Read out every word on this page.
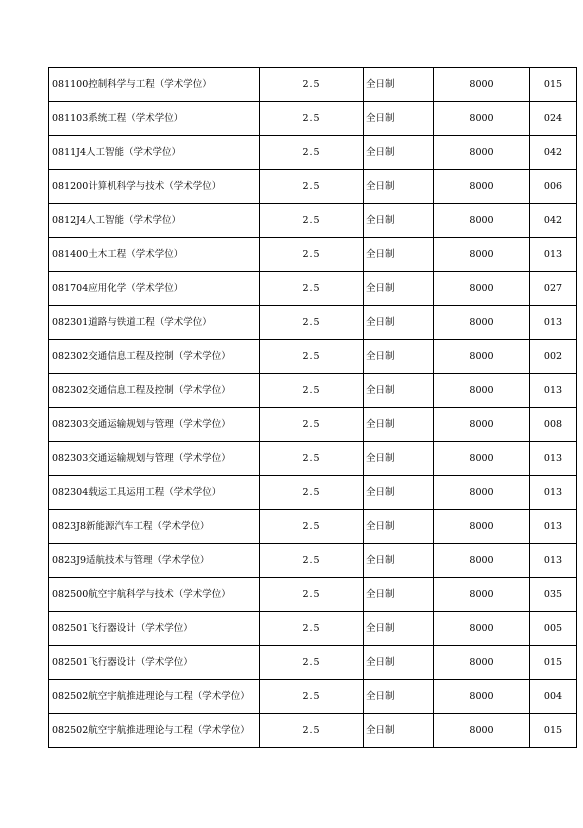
081100控制科学与工程（学术学位）	2.5	全日制	8000	015
081103系统工程（学术学位）	2.5	全日制	8000	024
0811J4人工智能（学术学位）	2.5	全日制	8000	042
081200计算机科学与技术（学术学位）	2.5	全日制	8000	006
0812J4人工智能（学术学位）	2.5	全日制	8000	042
081400土木工程（学术学位）	2.5	全日制	8000	013
081704应用化学（学术学位）	2.5	全日制	8000	027
082301道路与铁道工程（学术学位）	2.5	全日制	8000	013
082302交通信息工程及控制（学术学位）	2.5	全日制	8000	002
082302交通信息工程及控制（学术学位）	2.5	全日制	8000	013
082303交通运输规划与管理（学术学位）	2.5	全日制	8000	008
082303交通运输规划与管理（学术学位）	2.5	全日制	8000	013
082304载运工具运用工程（学术学位）	2.5	全日制	8000	013
0823J8新能源汽车工程（学术学位）	2.5	全日制	8000	013
0823J9适航技术与管理（学术学位）	2.5	全日制	8000	013
082500航空宇航科学与技术（学术学位）	2.5	全日制	8000	035
082501飞行器设计（学术学位）	2.5	全日制	8000	005
082501飞行器设计（学术学位）	2.5	全日制	8000	015
082502航空宇航推进理论与工程（学术学位）	2.5	全日制	8000	004
082502航空宇航推进理论与工程（学术学位）	2.5	全日制	8000	015
